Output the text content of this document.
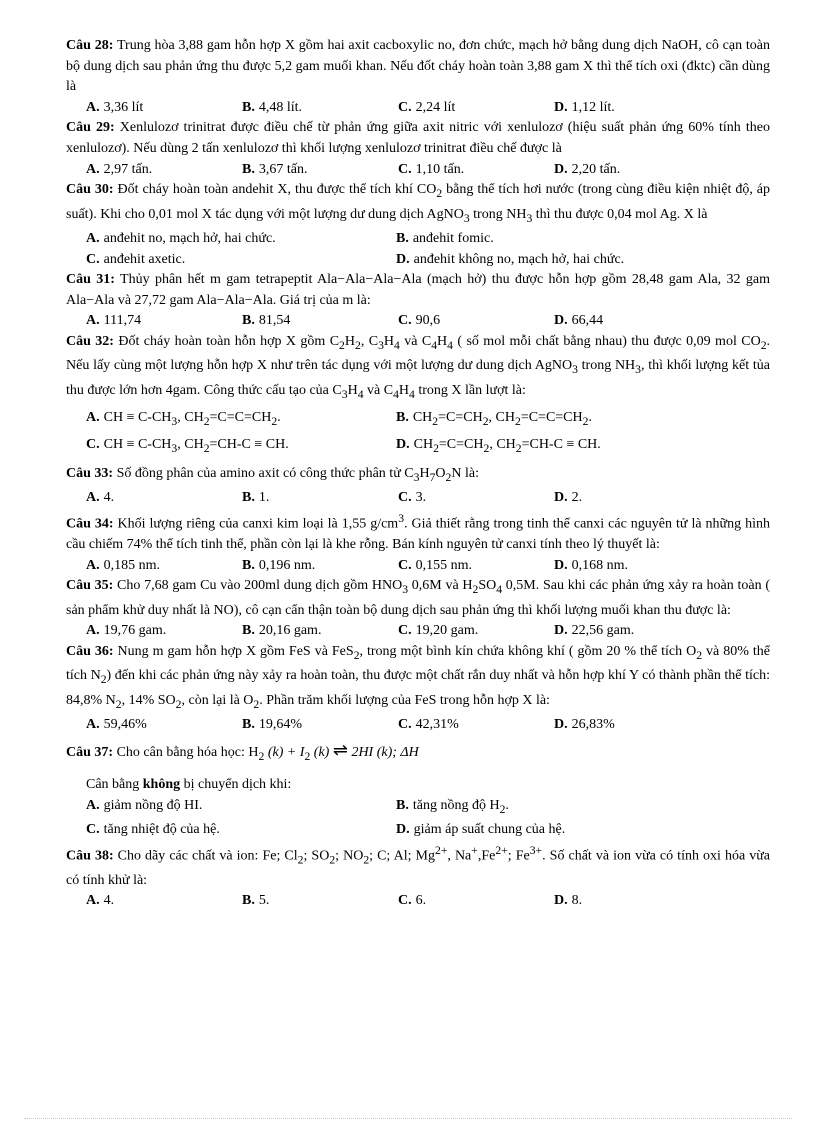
Câu 28: Trung hòa 3,88 gam hỗn hợp X gồm hai axit cacboxylic no, đơn chức, mạch hở bằng dung dịch NaOH, cô cạn toàn bộ dung dịch sau phản ứng thu được 5,2 gam muối khan. Nếu đốt cháy hoàn toàn 3,88 gam X thì thể tích oxi (đktc) cần dùng là

A. 3,36 lít	B. 4,48 lít.	C. 2,24 lít	D. 1,12 lít.

Câu 29: Xenlulozơ trinitrat được điều chế từ phản ứng giữa axit nitric với xenlulozơ (hiệu suất phản ứng 60% tính theo xenlulozơ). Nếu dùng 2 tấn xenlulozơ thì khối lượng xenlulozơ trinitrat điều chế được là

A. 2,97 tấn.	B. 3,67 tấn.	C. 1,10 tấn.	D. 2,20 tấn.

Câu 30: Đốt cháy hoàn toàn andehit X, thu được thể tích khí $CO_2$ bằng thể tích hơi nước (trong cùng điều kiện nhiệt độ, áp suất). Khi cho 0,01 mol X tác dụng với một lượng dư dung dịch AgNO$_3$ trong $NH_3$ thì thu được 0,04 mol Ag. X là

A. anđehit no, mạch hở, hai chức.	B. anđehit fomic.
C. anđehit axetic.	D. anđehit không no, mạch hở, hai chức.

Câu 31: Thủy phân hết m gam tetrapeptit Ala−Ala−Ala−Ala (mạch hở) thu được hỗn hợp gồm 28,48 gam Ala, 32 gam Ala−Ala và 27,72 gam Ala−Ala−Ala. Giá trị của m là:

A. 111,74	B. 81,54	C. 90,6	D. 66,44

Câu 32: Đốt cháy hoàn toàn hỗn hợp X gồm $C_2H_2$, $C_3H_4$ và $C_4H_4$ ( số mol mỗi chất bằng nhau) thu được 0,09 mol $CO_2$. Nếu lấy cùng một lượng hỗn hợp X như trên tác dụng với một lượng dư dung dịch AgNO$_3$ trong $NH_3$, thì khối lượng kết tủa thu được lớn hơn 4gam. Công thức cấu tạo của $C_3H_4$ và $C_4H_4$ trong X lần lượt là:

A. CH ≡ $C-CH_3$, $CH_2=C=C=CH_2$.	B. $CH_2=C=CH_2$, $CH_2=C=C=CH_2$.
C. CH ≡ $C-CH_3$, $CH_2=CH-C$ ≡ CH.	D. $CH_2=C=CH_2$, $CH_2=CH-C$ ≡ CH.

Câu 33: Số đồng phân của amino axit có công thức phân tử $C_3H_7O_2N$ là:

A. 4.	B. 1.	C. 3.	D. 2.

Câu 34: Khối lượng riêng của canxi kim loại là 1,55 $g/cm^3$. Giả thiết rằng trong tinh thể canxi các nguyên tử là những hình cầu chiếm 74% thể tích tinh thể, phần còn lại là khe rỗng. Bán kính nguyên tử canxi tính theo lý thuyết là:

A. 0,185 nm.	B. 0,196 nm.	C. 0,155 nm.	D. 0,168 nm.

Câu 35: Cho 7,68 gam Cu vào 200ml dung dịch gồm $HNO_3$ 0,6M và $H_2SO_4$ 0,5M. Sau khi các phản ứng xảy ra hoàn toàn ( sản phẩm khử duy nhất là NO), cô cạn cẩn thận toàn bộ dung dịch sau phản ứng thì khối lượng muối khan thu được là:

A. 19,76 gam.	B. 20,16 gam.	C. 19,20 gam.	D. 22,56 gam.

Câu 36: Nung m gam hỗn hợp X gồm FeS và FeS$_2$, trong một bình kín chứa không khí ( gồm 20 % thể tích $O_2$ và 80% thể tích $N_2$) đến khi các phản ứng này xảy ra hoàn toàn, thu được một chất rắn duy nhất và hỗn hợp khí Y có thành phần thể tích: 84,8% $N_2$, 14% $SO_2$, còn lại là $O_2$. Phần trăm khối lượng của FeS trong hỗn hợp X là:

A. 59,46%	B. 19,64%	C. 42,31%	D. 26,83%

Câu 37: Cho cân bằng hóa học: $H_2$ $(k) + I_2$ (k) ⇌ 2HI (k); ΔH

Cân bằng không bị chuyển dịch khi:

A. giảm nồng độ HI.	B. tăng nồng độ $H_2$.
C. tăng nhiệt độ của hệ.	D. giảm áp suất chung của hệ.

Câu 38: Cho dãy các chất và ion: Fe; $Cl_2$; $SO_2$; $NO_2$; C; Al; $Mg^{2+}$, $Na^+,Fe^{2+}$; $Fe^{3+}$. Số chất và ion vừa có tính oxi hóa vừa có tính khử là:

A. 4.	B. 5.	C. 6.	D. 8.
